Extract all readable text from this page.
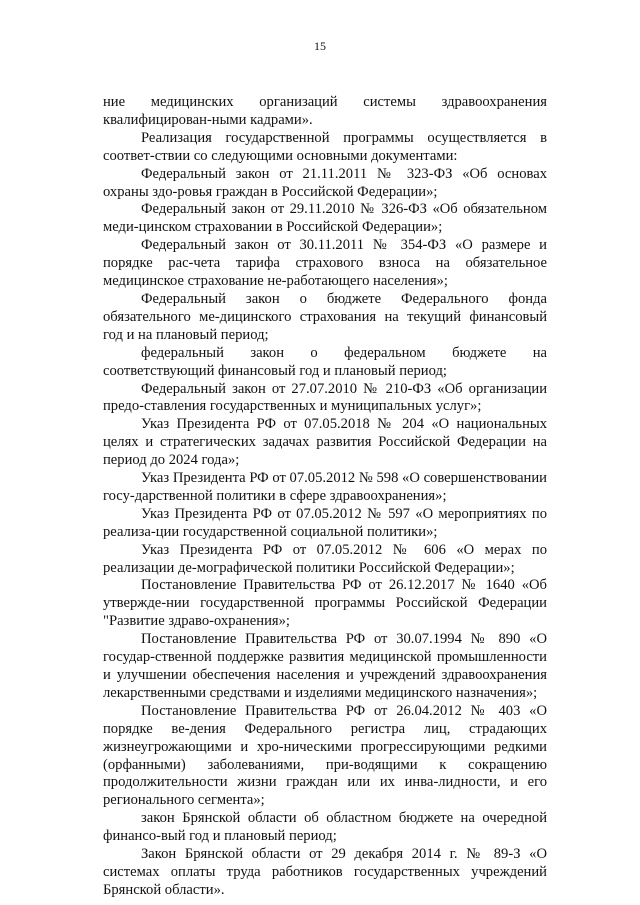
15

ние медицинских организаций системы здравоохранения квалифицирован-ными кадрами».

Реализация государственной программы осуществляется в соответ-ствии со следующими основными документами:

Федеральный закон от 21.11.2011 № 323-ФЗ «Об основах охраны здо-ровья граждан в Российской Федерации»;

Федеральный закон от 29.11.2010 № 326-ФЗ «Об обязательном меди-цинском страховании в Российской Федерации»;

Федеральный закон от 30.11.2011 № 354-ФЗ «О размере и порядке рас-чета тарифа страхового взноса на обязательное медицинское страхование не-работающего населения»;

Федеральный закон о бюджете Федерального фонда обязательного ме-дицинского страхования на текущий финансовый год и на плановый период;

федеральный закон о федеральном бюджете на соответствующий финансовый год и плановый период;

Федеральный закон от 27.07.2010 № 210-ФЗ «Об организации предо-ставления государственных и муниципальных услуг»;

Указ Президента РФ от 07.05.2018 № 204 «О национальных целях и стратегических задачах развития Российской Федерации на период до 2024 года»;

Указ Президента РФ от 07.05.2012 № 598 «О совершенствовании госу-дарственной политики в сфере здравоохранения»;

Указ Президента РФ от 07.05.2012 № 597 «О мероприятиях по реализа-ции государственной социальной политики»;

Указ Президента РФ от 07.05.2012 № 606 «О мерах по реализации де-мографической политики Российской Федерации»;

Постановление Правительства РФ от 26.12.2017 № 1640 «Об утвержде-нии государственной программы Российской Федерации "Развитие здраво-охранения»;

Постановление Правительства РФ от 30.07.1994 № 890 «О государ-ственной поддержке развития медицинской промышленности и улучшении обеспечения населения и учреждений здравоохранения лекарственными средствами и изделиями медицинского назначения»;

Постановление Правительства РФ от 26.04.2012 № 403 «О порядке ве-дения Федерального регистра лиц, страдающих жизнеугрожающими и хро-ническими прогрессирующими редкими (орфанными) заболеваниями, при-водящими к сокращению продолжительности жизни граждан или их инва-лидности, и его регионального сегмента»;

закон Брянской области об областном бюджете на очередной финансо-вый год и плановый период;

Закон Брянской области от 29 декабря 2014 г. № 89-З «О системах оплаты труда работников государственных учреждений Брянской области».
